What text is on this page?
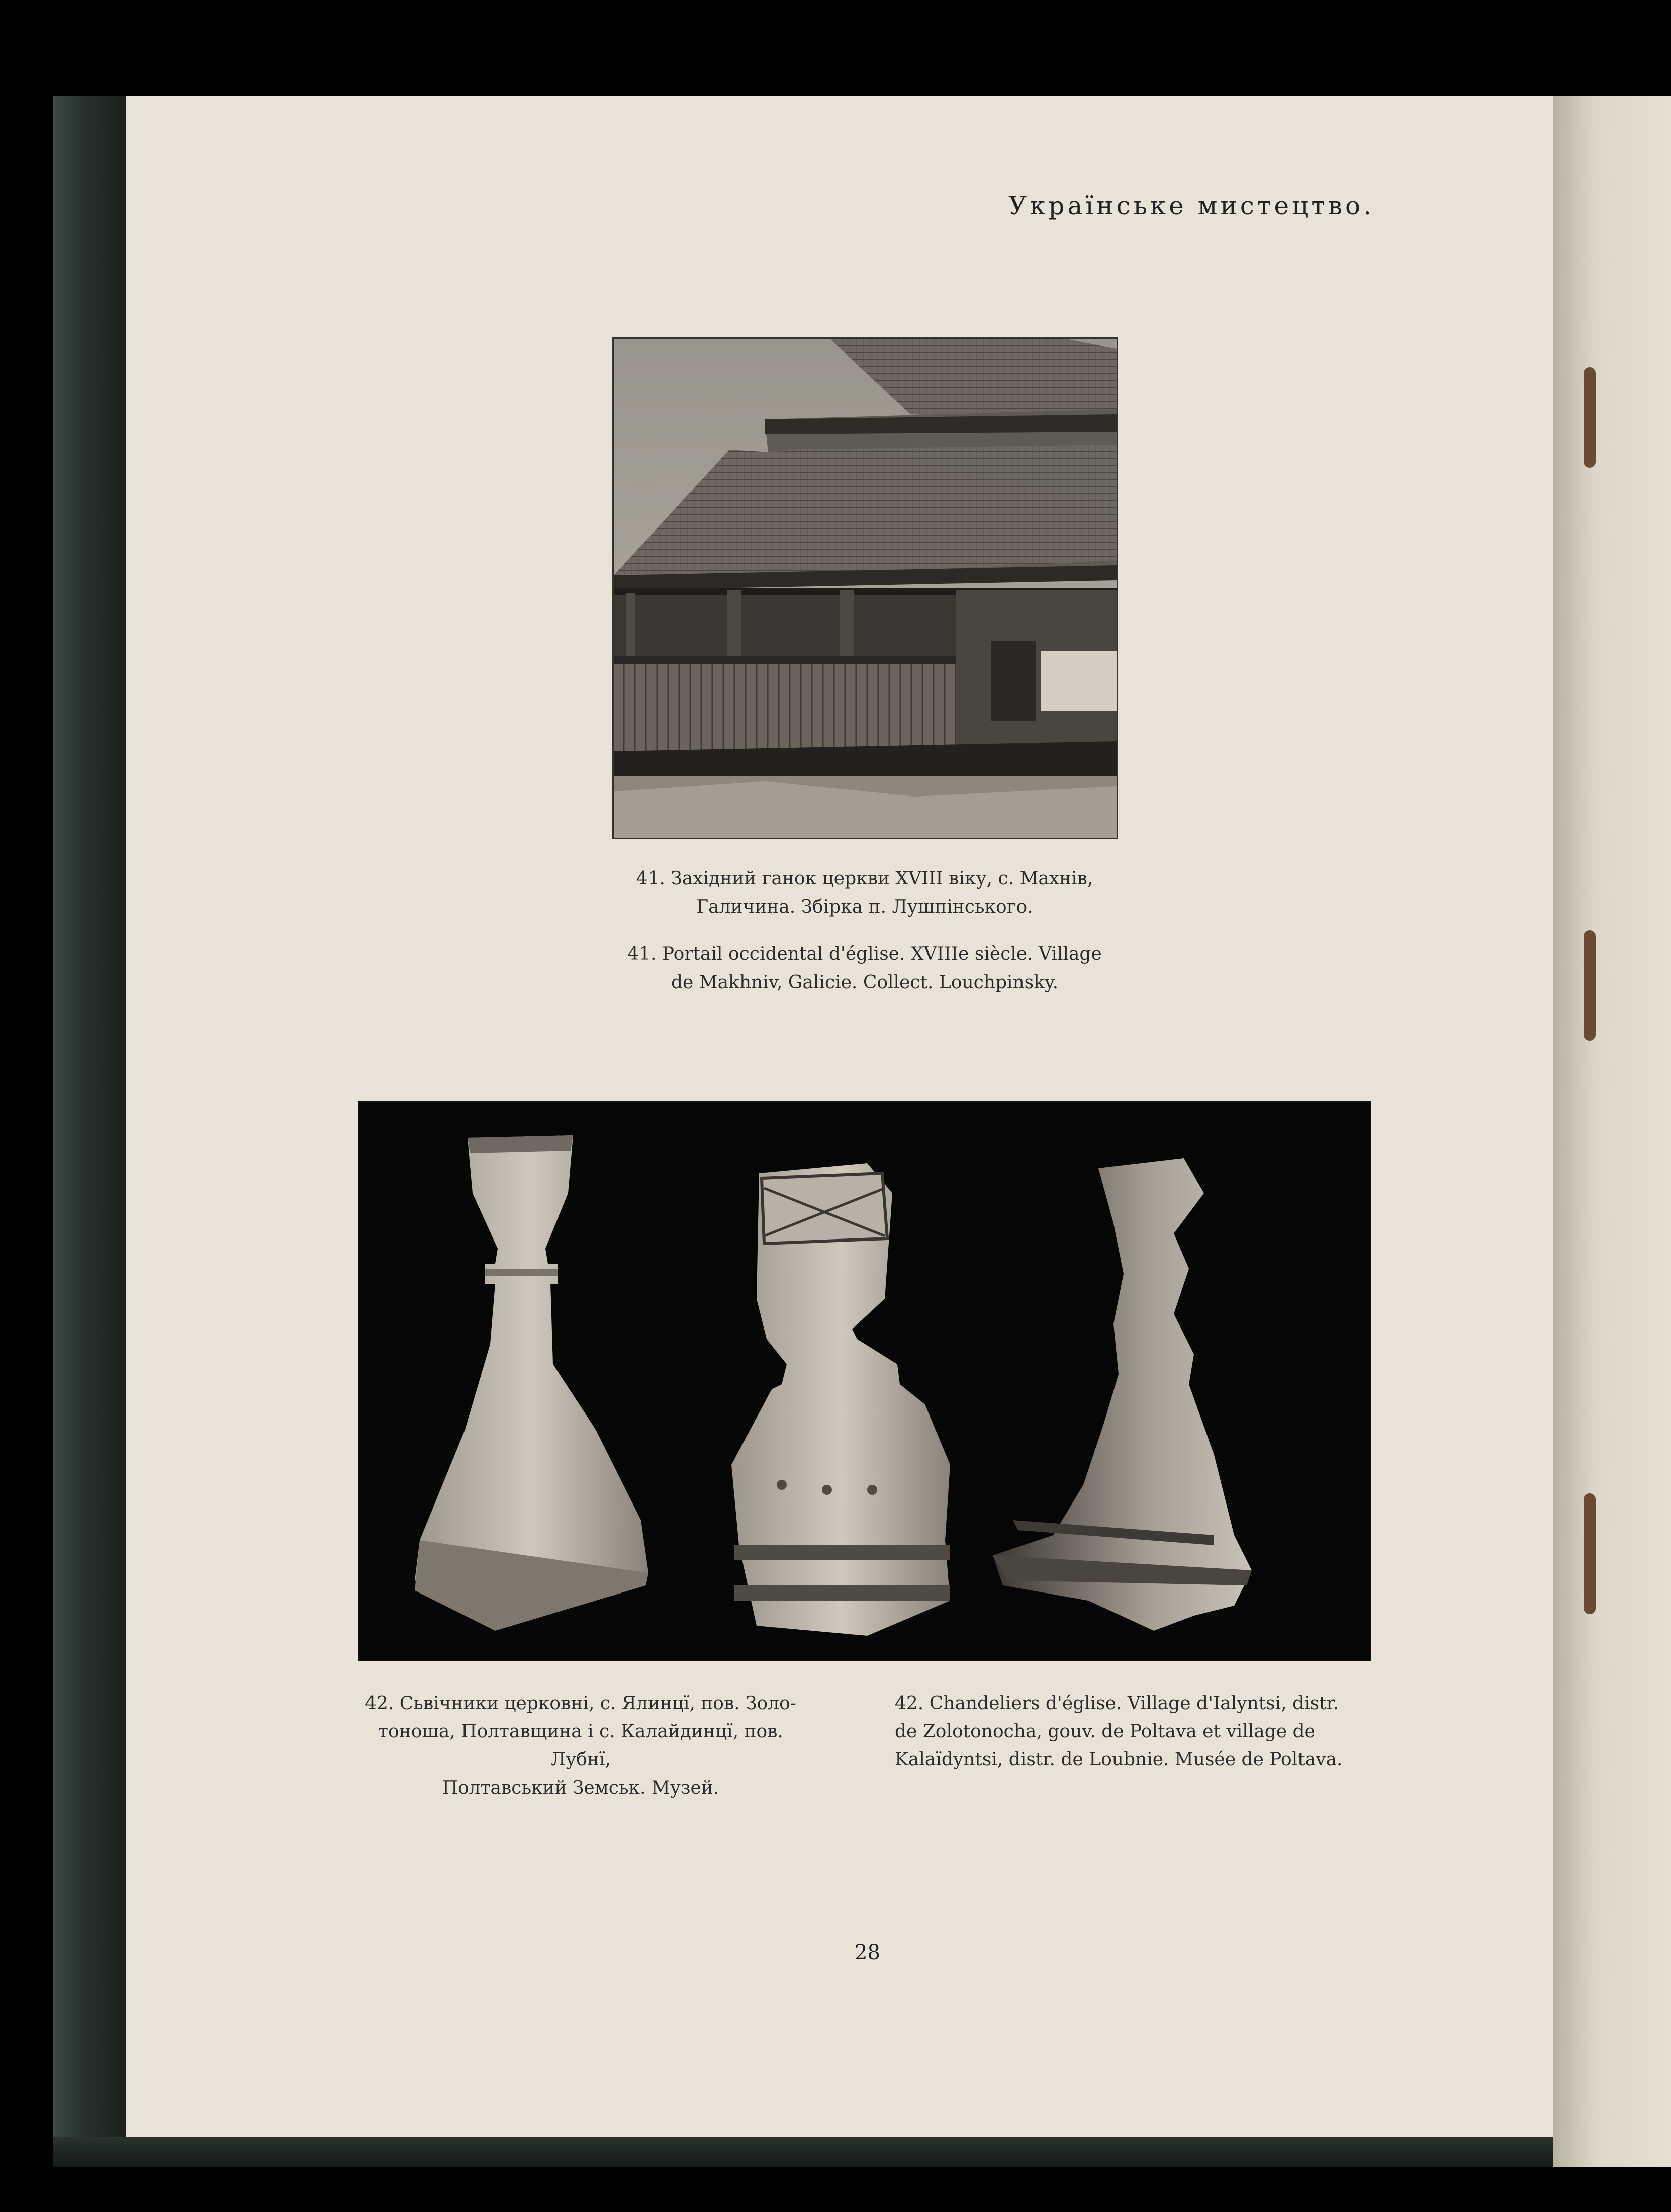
Українське мистецтво.
41. Західний ганок церкви XVIII віку, с. Махнів,
Галичина. Збірка п. Лушпінського.
41. Portail occidental d'église. XVIIIe siècle. Village
de Makhniv, Galicie. Collect. Louchpinsky.
42. Сьвічники церковні, с. Ялинцї, пов. Золо-
тоноша, Полтавщина і с. Калайдинцї, пов. Лубнї,
Полтавський Земськ. Музей.
42. Chandeliers d'église. Village d'Ialyntsi, distr.
de Zolotonocha, gouv. de Poltava et village de
Kalaïdyntsi, distr. de Loubnie. Musée de Poltava.
28
